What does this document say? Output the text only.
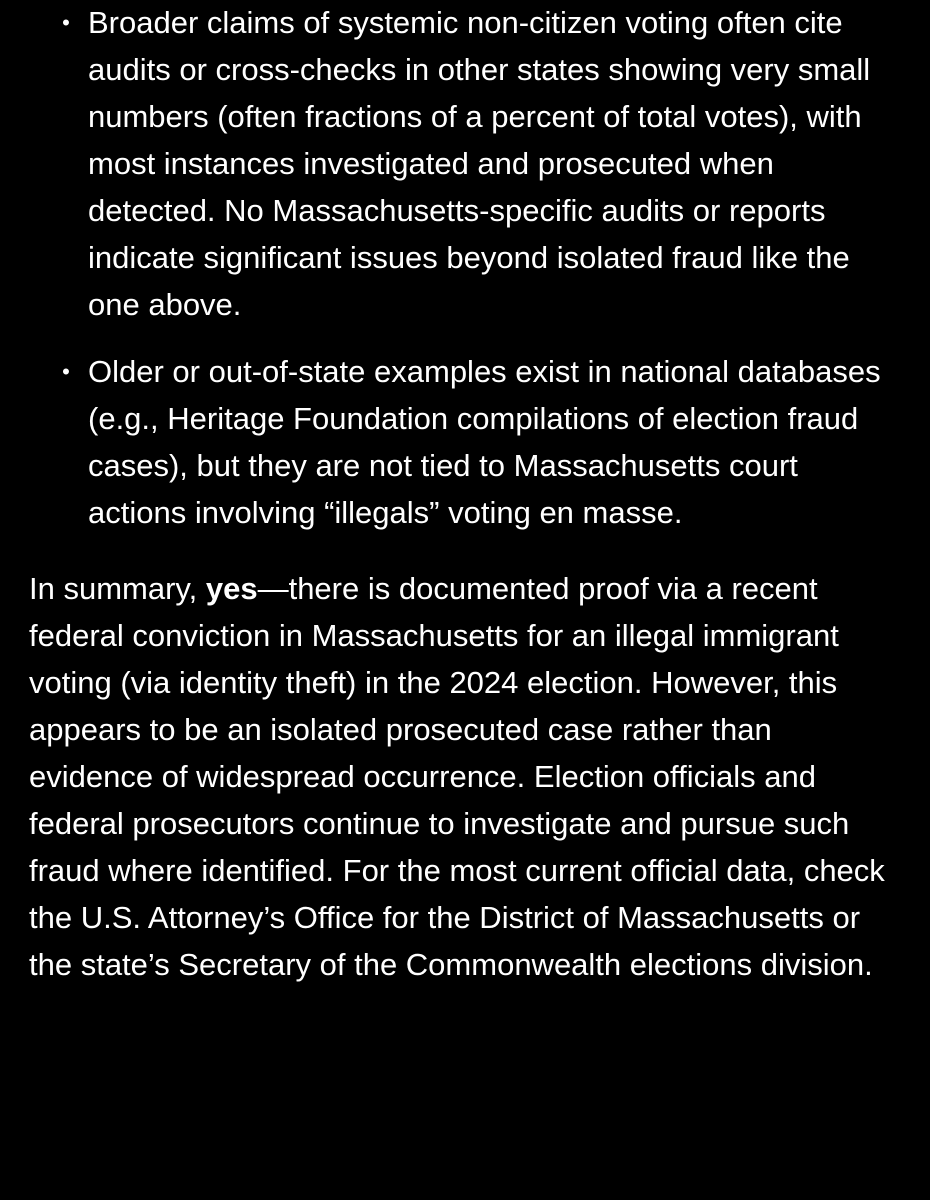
• Broader claims of systemic non-citizen voting often cite audits or cross-checks in other states showing very small numbers (often fractions of a percent of total votes), with most instances investigated and prosecuted when detected. No Massachusetts-specific audits or reports indicate significant issues beyond isolated fraud like the one above.
• Older or out-of-state examples exist in national databases (e.g., Heritage Foundation compilations of election fraud cases), but they are not tied to Massachusetts court actions involving “illegals” voting en masse.

In summary, yes—there is documented proof via a recent federal conviction in Massachusetts for an illegal immigrant voting (via identity theft) in the 2024 election. However, this appears to be an isolated prosecuted case rather than evidence of widespread occurrence. Election officials and federal prosecutors continue to investigate and pursue such fraud where identified. For the most current official data, check the U.S. Attorney’s Office for the District of Massachusetts or the state’s Secretary of the Commonwealth elections division.
